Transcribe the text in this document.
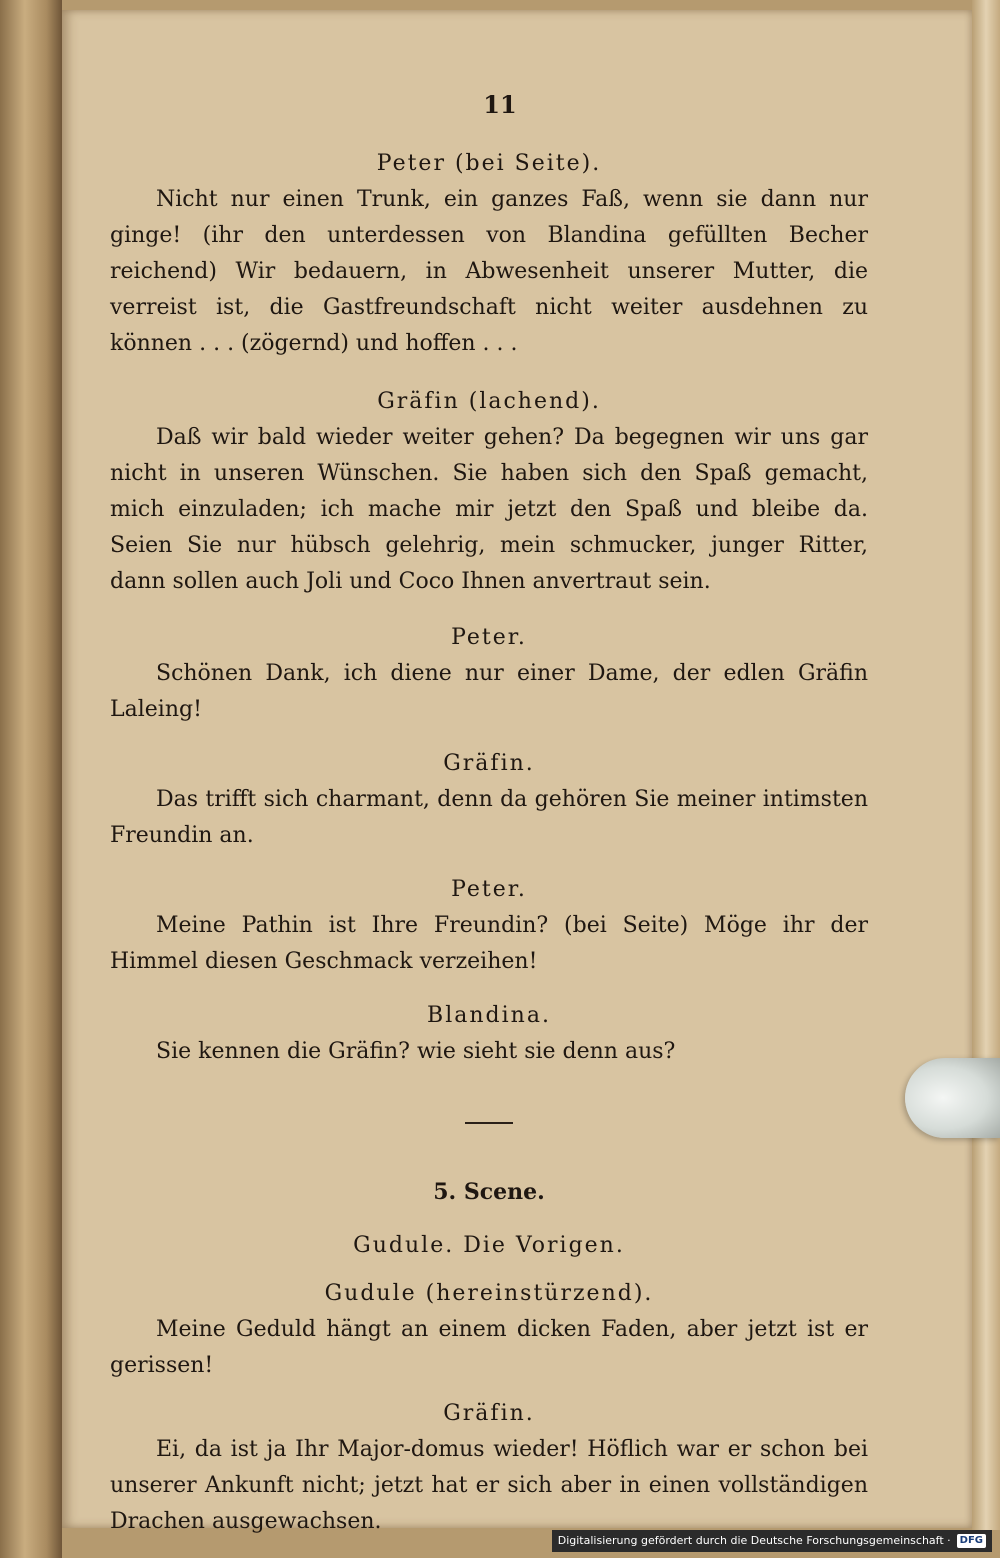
11

Peter (bei Seite).

Nicht nur einen Trunk, ein ganzes Faß, wenn sie dann nur ginge! (ihr den unterdessen von Blandina gefüllten Becher reichend) Wir bedauern, in Abwesenheit unserer Mutter, die verreist ist, die Gastfreundschaft nicht weiter ausdehnen zu können . . . (zögernd) und hoffen . . .

Gräfin (lachend).

Daß wir bald wieder weiter gehen? Da begegnen wir uns gar nicht in unseren Wünschen. Sie haben sich den Spaß gemacht, mich einzuladen; ich mache mir jetzt den Spaß und bleibe da. Seien Sie nur hübsch gelehrig, mein schmucker, junger Ritter, dann sollen auch Joli und Coco Ihnen anvertraut sein.

Peter.

Schönen Dank, ich diene nur einer Dame, der edlen Gräfin Laleing!

Gräfin.

Das trifft sich charmant, denn da gehören Sie meiner intimsten Freundin an.

Peter.

Meine Pathin ist Ihre Freundin? (bei Seite) Möge ihr der Himmel diesen Geschmack verzeihen!

Blandina.

Sie kennen die Gräfin? wie sieht sie denn aus?

5. Scene.

Gudule. Die Vorigen.

Gudule (hereinstürzend).

Meine Geduld hängt an einem dicken Faden, aber jetzt ist er gerissen!

Gräfin.

Ei, da ist ja Ihr Major-domus wieder! Höflich war er schon bei unserer Ankunft nicht; jetzt hat er sich aber in einen vollständigen Drachen ausgewachsen.

Digitalisierung gefördert durch die Deutsche Forschungsgemeinschaft · DFG
